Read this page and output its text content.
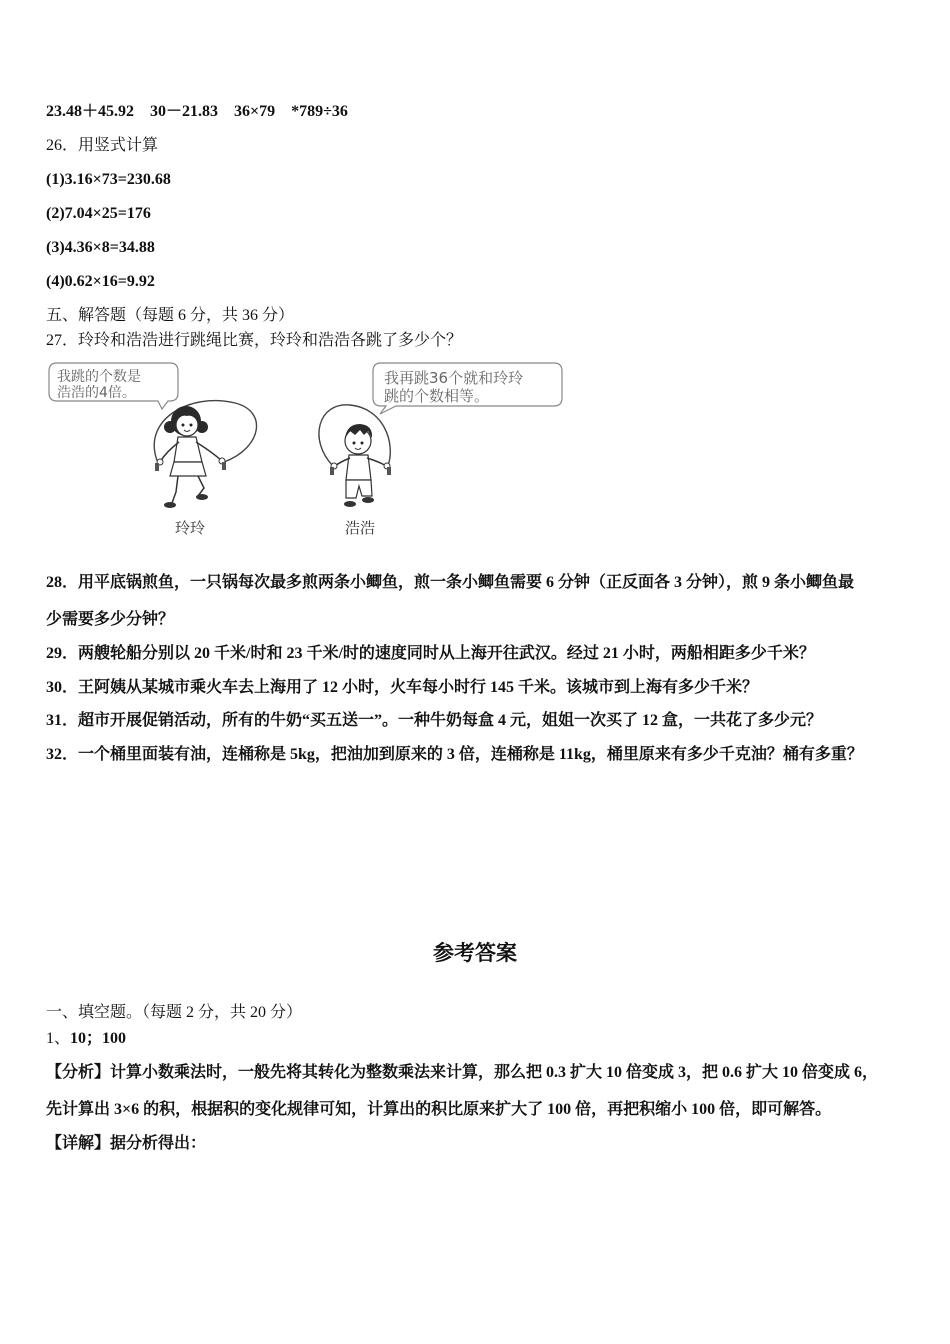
23.48＋45.92    30－21.83    36×79    *789÷36
26．用竖式计算
(1)3.16×73=230.68
(2)7.04×25=176
(3)4.36×8=34.88
(4)0.62×16=9.92
五、解答题（每题 6 分，共 36 分）
27．玲玲和浩浩进行跳绳比赛，玲玲和浩浩各跳了多少个？
我跳的个数是
浩浩的4倍。
我再跳36个就和玲玲
跳的个数相等。
玲玲	浩浩
28．用平底锅煎鱼，一只锅每次最多煎两条小鲫鱼，煎一条小鲫鱼需要 6 分钟（正反面各 3 分钟），煎 9 条小鲫鱼最
少需要多少分钟？
29．两艘轮船分别以 20 千米/时和 23 千米/时的速度同时从上海开往武汉。经过 21 小时，两船相距多少千米？
30．王阿姨从某城市乘火车去上海用了 12 小时，火车每小时行 145 千米。该城市到上海有多少千米？
31．超市开展促销活动，所有的牛奶“买五送一”。一种牛奶每盒 4 元，姐姐一次买了 12 盒，一共花了多少元？
32．一个桶里面装有油，连桶称是 5kg，把油加到原来的 3 倍，连桶称是 11kg，桶里原来有多少千克油？桶有多重？
参考答案
一、填空题。（每题 2 分，共 20 分）
1、10；100
【分析】计算小数乘法时，一般先将其转化为整数乘法来计算，那么把 0.3 扩大 10 倍变成 3，把 0.6 扩大 10 倍变成 6，
先计算出 3×6 的积，根据积的变化规律可知，计算出的积比原来扩大了 100 倍，再把积缩小 100 倍，即可解答。
【详解】据分析得出：
